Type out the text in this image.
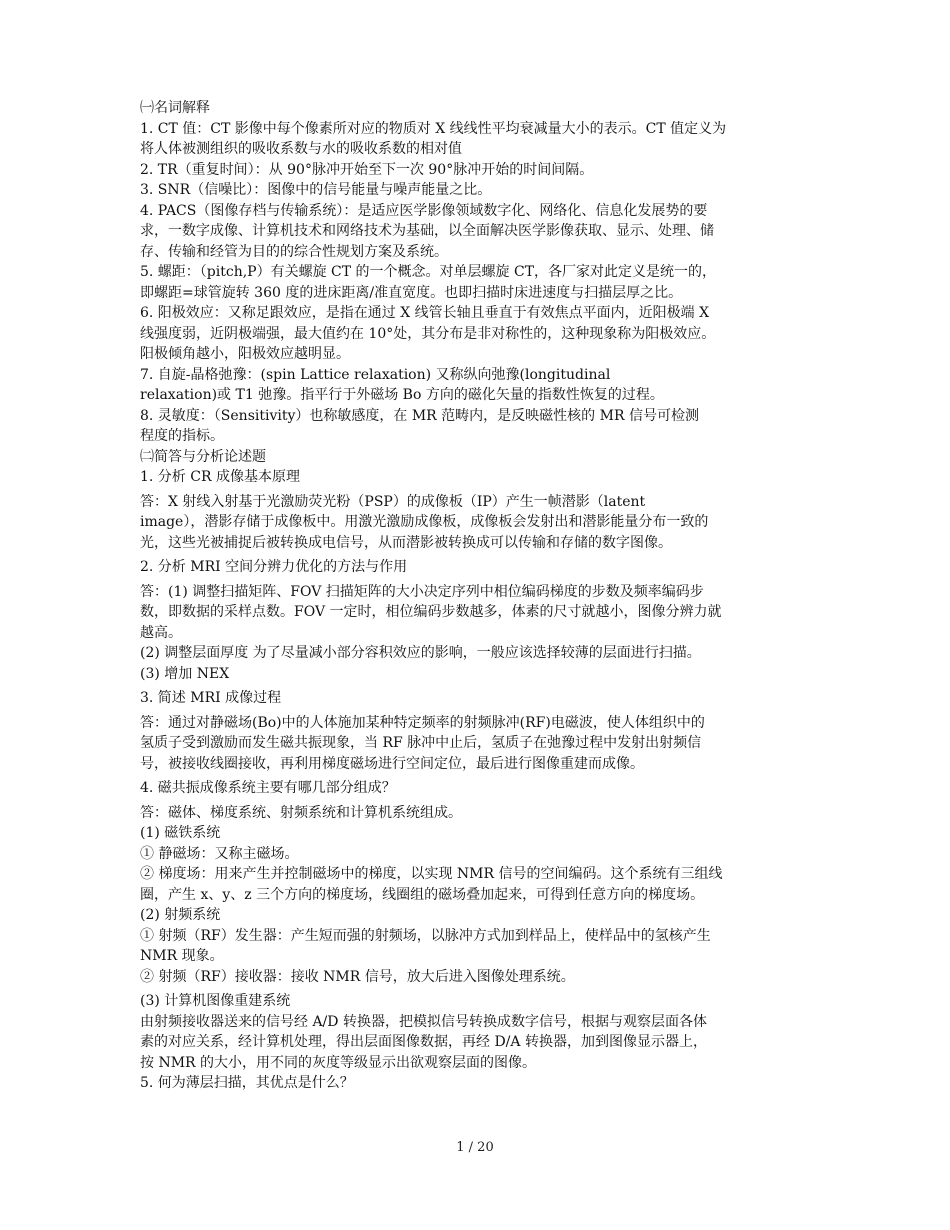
㈠名词解释
1. CT 值：CT 影像中每个像素所对应的物质对 X 线线性平均衰减量大小的表示。CT 值定义为
将人体被测组织的吸收系数与水的吸收系数的相对值
2. TR（重复时间）：从 90°脉冲开始至下一次 90°脉冲开始的时间间隔。
3. SNR（信噪比）：图像中的信号能量与噪声能量之比。
4. PACS（图像存档与传输系统）：是适应医学影像领域数字化、网络化、信息化发展势的要
求，一数字成像、计算机技术和网络技术为基础，以全面解决医学影像获取、显示、处理、储
存、传输和经管为目的的综合性规划方案及系统。
5. 螺距：（pitch,P）有关螺旋 CT 的一个概念。对单层螺旋 CT，各厂家对此定义是统一的，
即螺距=球管旋转 360 度的进床距离/准直宽度。也即扫描时床进速度与扫描层厚之比。
6. 阳极效应：又称足跟效应，是指在通过 X 线管长轴且垂直于有效焦点平面内，近阳极端 X
线强度弱，近阴极端强，最大值约在 10°处，其分布是非对称性的，这种现象称为阳极效应。
阳极倾角越小，阳极效应越明显。
7. 自旋-晶格弛豫：(spin Lattice relaxation) 又称纵向弛豫(longitudinal
relaxation)或 T1 弛豫。指平行于外磁场 Bo 方向的磁化矢量的指数性恢复的过程。
8. 灵敏度：（Sensitivity）也称敏感度，在 MR 范畴内，是反映磁性核的 MR 信号可检测
程度的指标。
㈡简答与分析论述题
1. 分析 CR 成像基本原理
答：X 射线入射基于光激励荧光粉（PSP）的成像板（IP）产生一帧潜影（latent
image），潜影存储于成像板中。用激光激励成像板，成像板会发射出和潜影能量分布一致的
光，这些光被捕捉后被转换成电信号，从而潜影被转换成可以传输和存储的数字图像。
2. 分析 MRI 空间分辨力优化的方法与作用
答：(1) 调整扫描矩阵、FOV 扫描矩阵的大小决定序列中相位编码梯度的步数及频率编码步
数，即数据的采样点数。FOV 一定时，相位编码步数越多，体素的尺寸就越小，图像分辨力就
越高。
(2) 调整层面厚度 为了尽量减小部分容积效应的影响，一般应该选择较薄的层面进行扫描。
(3) 增加 NEX
3. 简述 MRI 成像过程
答：通过对静磁场(Bo)中的人体施加某种特定频率的射频脉冲(RF)电磁波，使人体组织中的
氢质子受到激励而发生磁共振现象，当 RF 脉冲中止后，氢质子在弛豫过程中发射出射频信
号，被接收线圈接收，再利用梯度磁场进行空间定位，最后进行图像重建而成像。
4. 磁共振成像系统主要有哪几部分组成？
答：磁体、梯度系统、射频系统和计算机系统组成。
(1) 磁铁系统
① 静磁场：又称主磁场。
② 梯度场：用来产生并控制磁场中的梯度，以实现 NMR 信号的空间编码。这个系统有三组线
圈，产生 x、y、z 三个方向的梯度场，线圈组的磁场叠加起来，可得到任意方向的梯度场。
(2) 射频系统
① 射频（RF）发生器：产生短而强的射频场，以脉冲方式加到样品上，使样品中的氢核产生
NMR 现象。
② 射频（RF）接收器：接收 NMR 信号，放大后进入图像处理系统。
(3) 计算机图像重建系统
由射频接收器送来的信号经 A/D 转换器，把模拟信号转换成数字信号，根据与观察层面各体
素的对应关系，经计算机处理，得出层面图像数据，再经 D/A 转换器，加到图像显示器上，
按 NMR 的大小，用不同的灰度等级显示出欲观察层面的图像。
5. 何为薄层扫描，其优点是什么？
1 / 20
